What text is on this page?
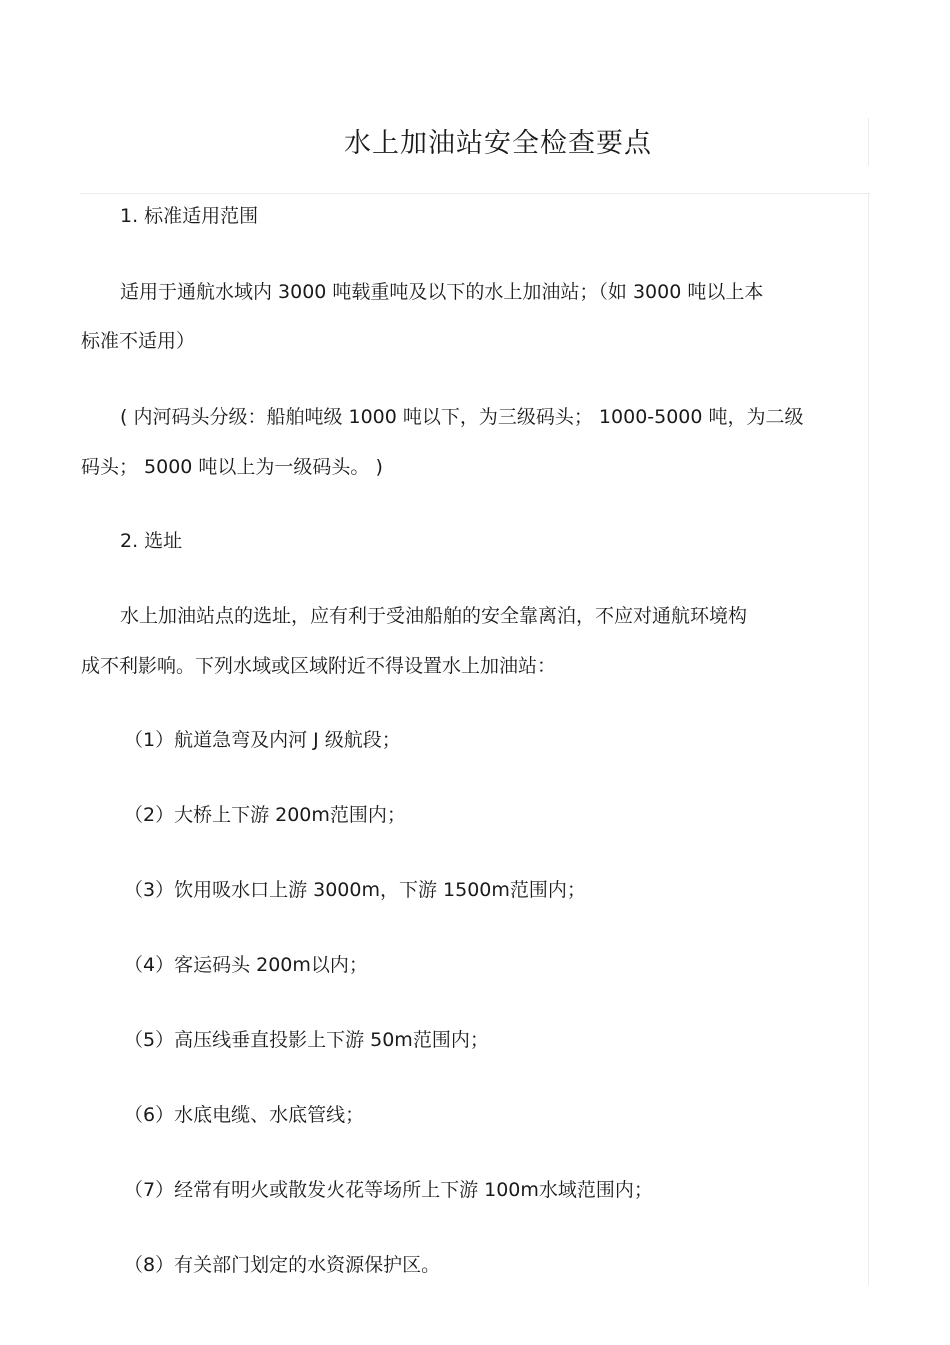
水上加油站安全检查要点
1. 标准适用范围
适用于通航水域内 3000 吨载重吨及以下的水上加油站；（如 3000 吨以上本
标准不适用）
( 内河码头分级：船舶吨级 1000 吨以下，为三级码头； 1000-5000 吨，为二级
码头； 5000 吨以上为一级码头。 )
2. 选址
水上加油站点的选址，应有利于受油船舶的安全靠离泊，不应对通航环境构
成不利影响。下列水域或区域附近不得设置水上加油站：
（1）航道急弯及内河 J 级航段；
（2）大桥上下游 200m范围内；
（3）饮用吸水口上游 3000m，下游 1500m范围内；
（4）客运码头 200m以内；
（5）高压线垂直投影上下游 50m范围内；
（6）水底电缆、水底管线；
（7）经常有明火或散发火花等场所上下游 100m水域范围内；
（8）有关部门划定的水资源保护区。
